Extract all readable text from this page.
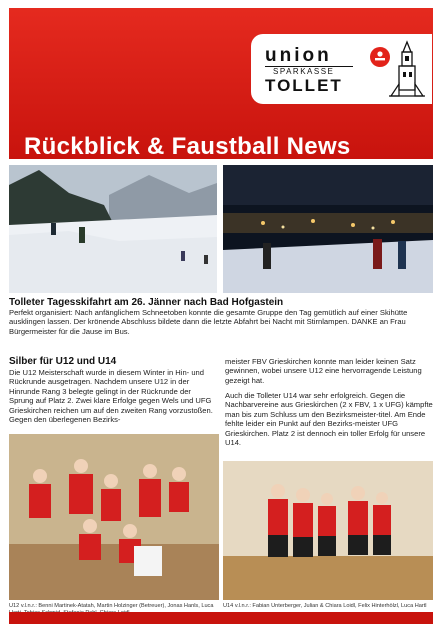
union
SPARKASSE
TOLLET
Rückblick & Faustball News
Tolleter Tagesskifahrt am 26. Jänner nach Bad Hofgastein
Perfekt organisiert: Nach anfänglichem Schneetoben konnte die gesamte Gruppe den Tag gemütlich auf einer Skihütte ausklingen lassen. Der krönende Abschluss bildete dann die letzte Abfahrt bei Nacht mit Stirnlampen. DANKE an Frau Bürgermeister für die Jause im Bus.
Silber für U12 und U14
Die U12 Meisterschaft wurde in diesem Winter in Hin- und Rückrunde ausgetragen. Nachdem unsere U12 in der Hinrunde Rang 3 belegte gelingt in der Rückrunde der Sprung auf Platz 2. Zwei klare Erfolge gegen Wels und UFG Grieskirchen reichen um auf den zweiten Rang vorzustoßen. Gegen den überlegenen Bezirks-
meister FBV Grieskirchen konnte man leider keinen Satz gewinnen, wobei unsere U12 eine hervorragende Leistung gezeigt hat.
Auch die Tolleter U14 war sehr erfolgreich. Gegen die Nachbarvereine aus Grieskirchen (2 x FBV, 1 x UFG) kämpfte man bis zum Schluss um den Bezirksmeister-titel. Am Ende fehlte leider ein Punkt auf den Bezirks-meister UFG Grieskirchen. Platz 2 ist dennoch ein toller Erfolg für unsere U14.
U12 v.l.n.r.: Benni Martinek-Atatah, Martin Holzinger (Betreuer), Jonas Hanls, Luca	U14 v.l.n.r.: Fabian Unterberger, Julian & Chiara Loidl, Felix Hinterhölzl, Luca Hartl
